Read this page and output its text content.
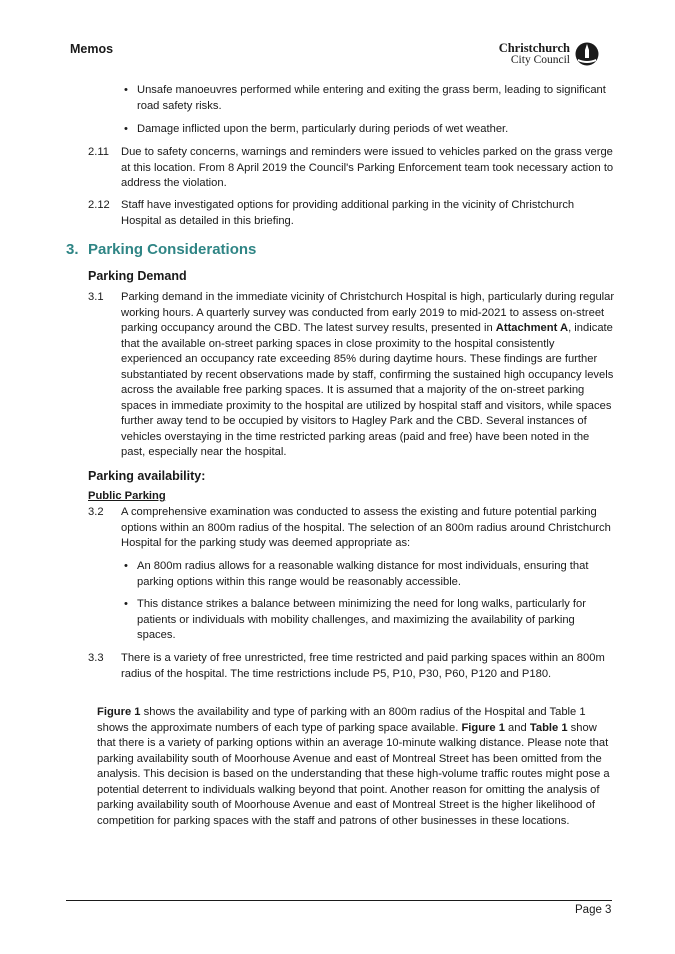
Memos	Christchurch
City Council
• Unsafe manoeuvres performed while entering and exiting the grass berm, leading to significant road safety risks.
• Damage inflicted upon the berm, particularly during periods of wet weather.
2.11 Due to safety concerns, warnings and reminders were issued to vehicles parked on the grass verge at this location. From 8 April 2019 the Council's Parking Enforcement team took necessary action to address the violation.
2.12 Staff have investigated options for providing additional parking in the vicinity of Christchurch Hospital as detailed in this briefing.
3. Parking Considerations
Parking Demand
3.1 Parking demand in the immediate vicinity of Christchurch Hospital is high, particularly during regular working hours. A quarterly survey was conducted from early 2019 to mid-2021 to assess on-street parking occupancy around the CBD. The latest survey results, presented in Attachment A, indicate that the available on-street parking spaces in close proximity to the hospital consistently experienced an occupancy rate exceeding 85% during daytime hours. These findings are further substantiated by recent observations made by staff, confirming the sustained high occupancy levels across the available free parking spaces. It is assumed that a majority of the on-street parking spaces in immediate proximity to the hospital are utilized by hospital staff and visitors, while spaces further away tend to be occupied by visitors to Hagley Park and the CBD. Several instances of vehicles overstaying in the time restricted parking areas (paid and free) have been noted in the past, especially near the hospital.
Parking availability:
Public Parking
3.2 A comprehensive examination was conducted to assess the existing and future potential parking options within an 800m radius of the hospital. The selection of an 800m radius around Christchurch Hospital for the parking study was deemed appropriate as:
• An 800m radius allows for a reasonable walking distance for most individuals, ensuring that parking options within this range would be reasonably accessible.
• This distance strikes a balance between minimizing the need for long walks, particularly for patients or individuals with mobility challenges, and maximizing the availability of parking spaces.
3.3 There is a variety of free unrestricted, free time restricted and paid parking spaces within an 800m radius of the hospital. The time restrictions include P5, P10, P30, P60, P120 and P180.
Figure 1 shows the availability and type of parking with an 800m radius of the Hospital and Table 1 shows the approximate numbers of each type of parking space available. Figure 1 and Table 1 show that there is a variety of parking options within an average 10-minute walking distance. Please note that parking availability south of Moorhouse Avenue and east of Montreal Street has been omitted from the analysis. This decision is based on the understanding that these high-volume traffic routes might pose a potential deterrent to individuals walking beyond that point. Another reason for omitting the analysis of parking availability south of Moorhouse Avenue and east of Montreal Street is the higher likelihood of competition for parking spaces with the staff and patrons of other businesses in these locations.
Page 3
